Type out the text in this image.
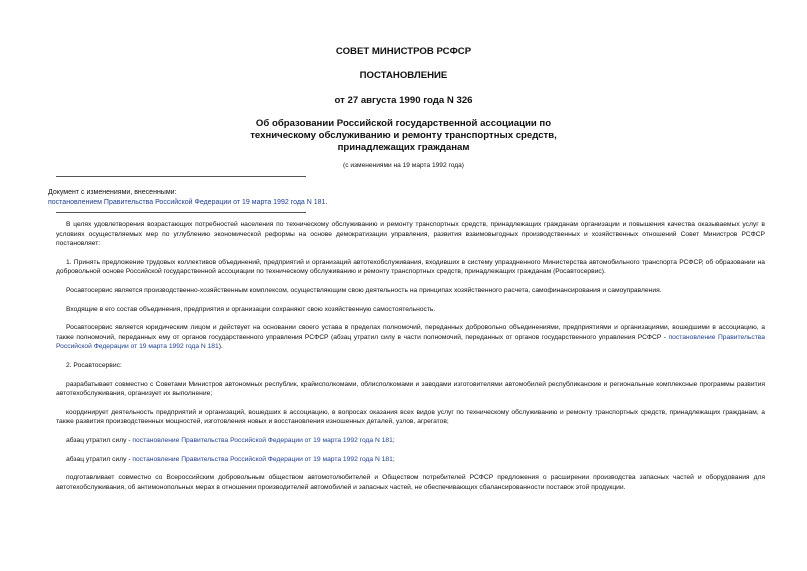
СОВЕТ МИНИСТРОВ РСФСР
ПОСТАНОВЛЕНИЕ
от 27 августа 1990 года N 326
Об образовании Российской государственной ассоциации по
техническому обслуживанию и ремонту транспортных средств,
принадлежащих гражданам
(с изменениями на 19 марта 1992 года)
Документ с изменениями, внесенными:
постановлением Правительства Российской Федерации от 19 марта 1992 года N 181.

В целях удовлетворения возрастающих потребностей населения по техническому обслуживанию и ремонту транспортных средств, принадлежащих гражданам организации и повышения качества оказываемых услуг в условиях осуществляемых мер по углублению экономической реформы на основе демократизации управления, развития взаимовыгодных производственных и хозяйственных отношений Совет Министров РСФСР постановляет:

1. Принять предложение трудовых коллективов объединений, предприятий и организаций автотехобслуживания, входивших в систему упраздненного Министерства автомобильного транспорта РСФСР, об образовании на добровольной основе Российской государственной ассоциации по техническому обслуживанию и ремонту транспортных средств, принадлежащих гражданам (Росавтосервис).

Росавтосервис является производственно-хозяйственным комплексом, осуществляющим свою деятельность на принципах хозяйственного расчета, самофинансирования и самоуправления.

Входящие в его состав объединения, предприятия и организации сохраняют свою хозяйственную самостоятельность.

Росавтосервис является юридическим лицом и действует на основании своего устава в пределах полномочий, переданных добровольно объединениями, предприятиями и организациями, вошедшими в ассоциацию, а также полномочий, переданных ему от органов государственного управления РСФСР (абзац утратил силу в части полномочий, переданных от органов государственного управления РСФСР - постановление Правительства Российской Федерации от 19 марта 1992 года N 181).

2. Росавтосервис:

разрабатывает совместно с Советами Министров автономных республик, крайисполкомами, облисполкомами и заводами изготовителями автомобилей республиканские и региональные комплексные программы развития автотехобслуживания, организует их выполнение;

координирует деятельность предприятий и организаций, вошедших в ассоциацию, в вопросах оказания всех видов услуг по техническому обслуживанию и ремонту транспортных средств, принадлежащих гражданам, а также развития производственных мощностей, изготовления новых и восстановления изношенных деталей, узлов, агрегатов;

абзац утратил силу - постановление Правительства Российской Федерации от 19 марта 1992 года N 181;

абзац утратил силу - постановление Правительства Российской Федерации от 19 марта 1992 года N 181;

подготавливает совместно со Всероссийским добровольным обществом автомотолюбителей и Обществом потребителей РСФСР предложения о расширении производства запасных частей и оборудования для автотехобслуживания, об антимонопольных мерах в отношении производителей автомобилей и запасных частей, не обеспечивающих сбалансированности поставок этой продукции.
